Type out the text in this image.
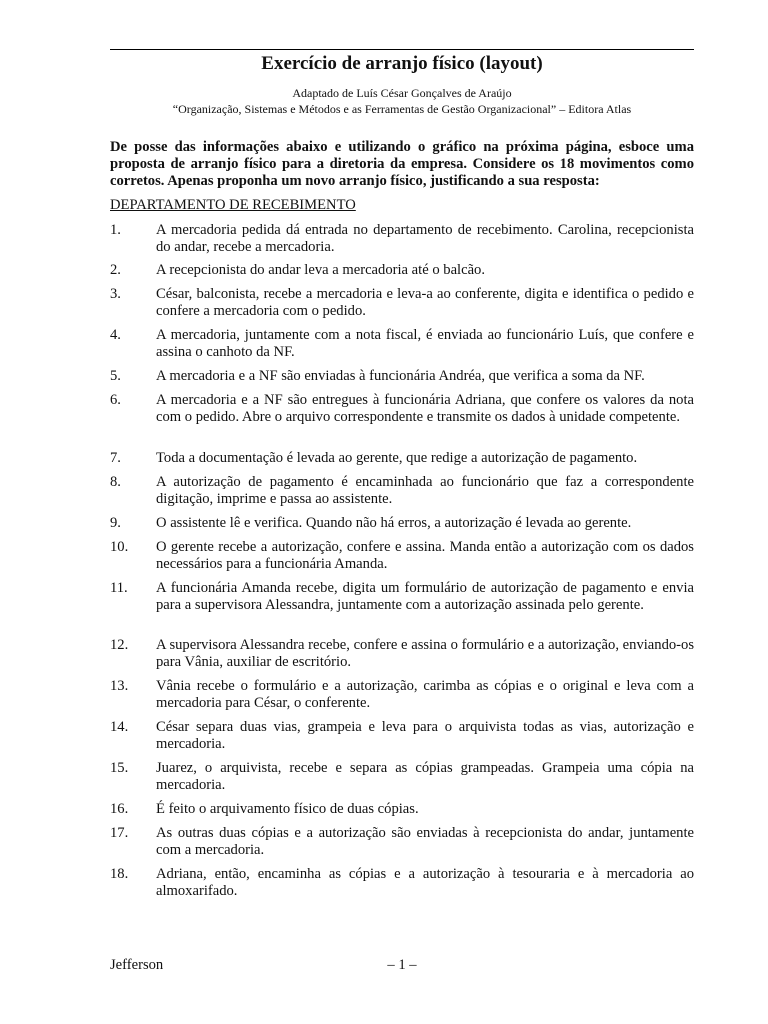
Exercício de arranjo físico (layout)
Adaptado de Luís César Gonçalves de Araújo
“Organização, Sistemas e Métodos e as Ferramentas de Gestão Organizacional” – Editora Atlas
De posse das informações abaixo e utilizando o gráfico na próxima página, esboce uma proposta de arranjo físico para a diretoria da empresa. Considere os 18 movimentos como corretos. Apenas proponha um novo arranjo físico, justificando a sua resposta:
DEPARTAMENTO DE RECEBIMENTO
1.	A mercadoria pedida dá entrada no departamento de recebimento. Carolina, recepcionista do andar, recebe a mercadoria.
2.	A recepcionista do andar leva a mercadoria até o balcão.
3.	César, balconista, recebe a mercadoria e leva-a ao conferente, digita e identifica o pedido e confere a mercadoria com o pedido.
4.	A mercadoria, juntamente com a nota fiscal, é enviada ao funcionário Luís, que confere e assina o canhoto da NF.
5.	A mercadoria e a NF são enviadas à funcionária Andréa, que verifica a soma da NF.
6.	A mercadoria e a NF são entregues à funcionária Adriana, que confere os valores da nota com o pedido. Abre o arquivo correspondente e transmite os dados à unidade competente.
7.	Toda a documentação é levada ao gerente, que redige a autorização de pagamento.
8.	A autorização de pagamento é encaminhada ao funcionário que faz a correspondente digitação, imprime e passa ao assistente.
9.	O assistente lê e verifica. Quando não há erros, a autorização é levada ao gerente.
10.	O gerente recebe a autorização, confere e assina. Manda então a autorização com os dados necessários para a funcionária Amanda.
11.	A funcionária Amanda recebe, digita um formulário de autorização de pagamento e envia para a supervisora Alessandra, juntamente com a autorização assinada pelo gerente.
12.	A supervisora Alessandra recebe, confere e assina o formulário e a autorização, enviando-os para Vânia, auxiliar de escritório.
13.	Vânia recebe o formulário e a autorização, carimba as cópias e o original e leva com a mercadoria para César, o conferente.
14.	César separa duas vias, grampeia e leva para o arquivista todas as vias, autorização e mercadoria.
15.	Juarez, o arquivista, recebe e separa as cópias grampeadas. Grampeia uma cópia na mercadoria.
16.	É feito o arquivamento físico de duas cópias.
17.	As outras duas cópias e a autorização são enviadas à recepcionista do andar, juntamente com a mercadoria.
18.	Adriana, então, encaminha as cópias e a autorização à tesouraria e à mercadoria ao almoxarifado.
Jefferson	– 1 –
